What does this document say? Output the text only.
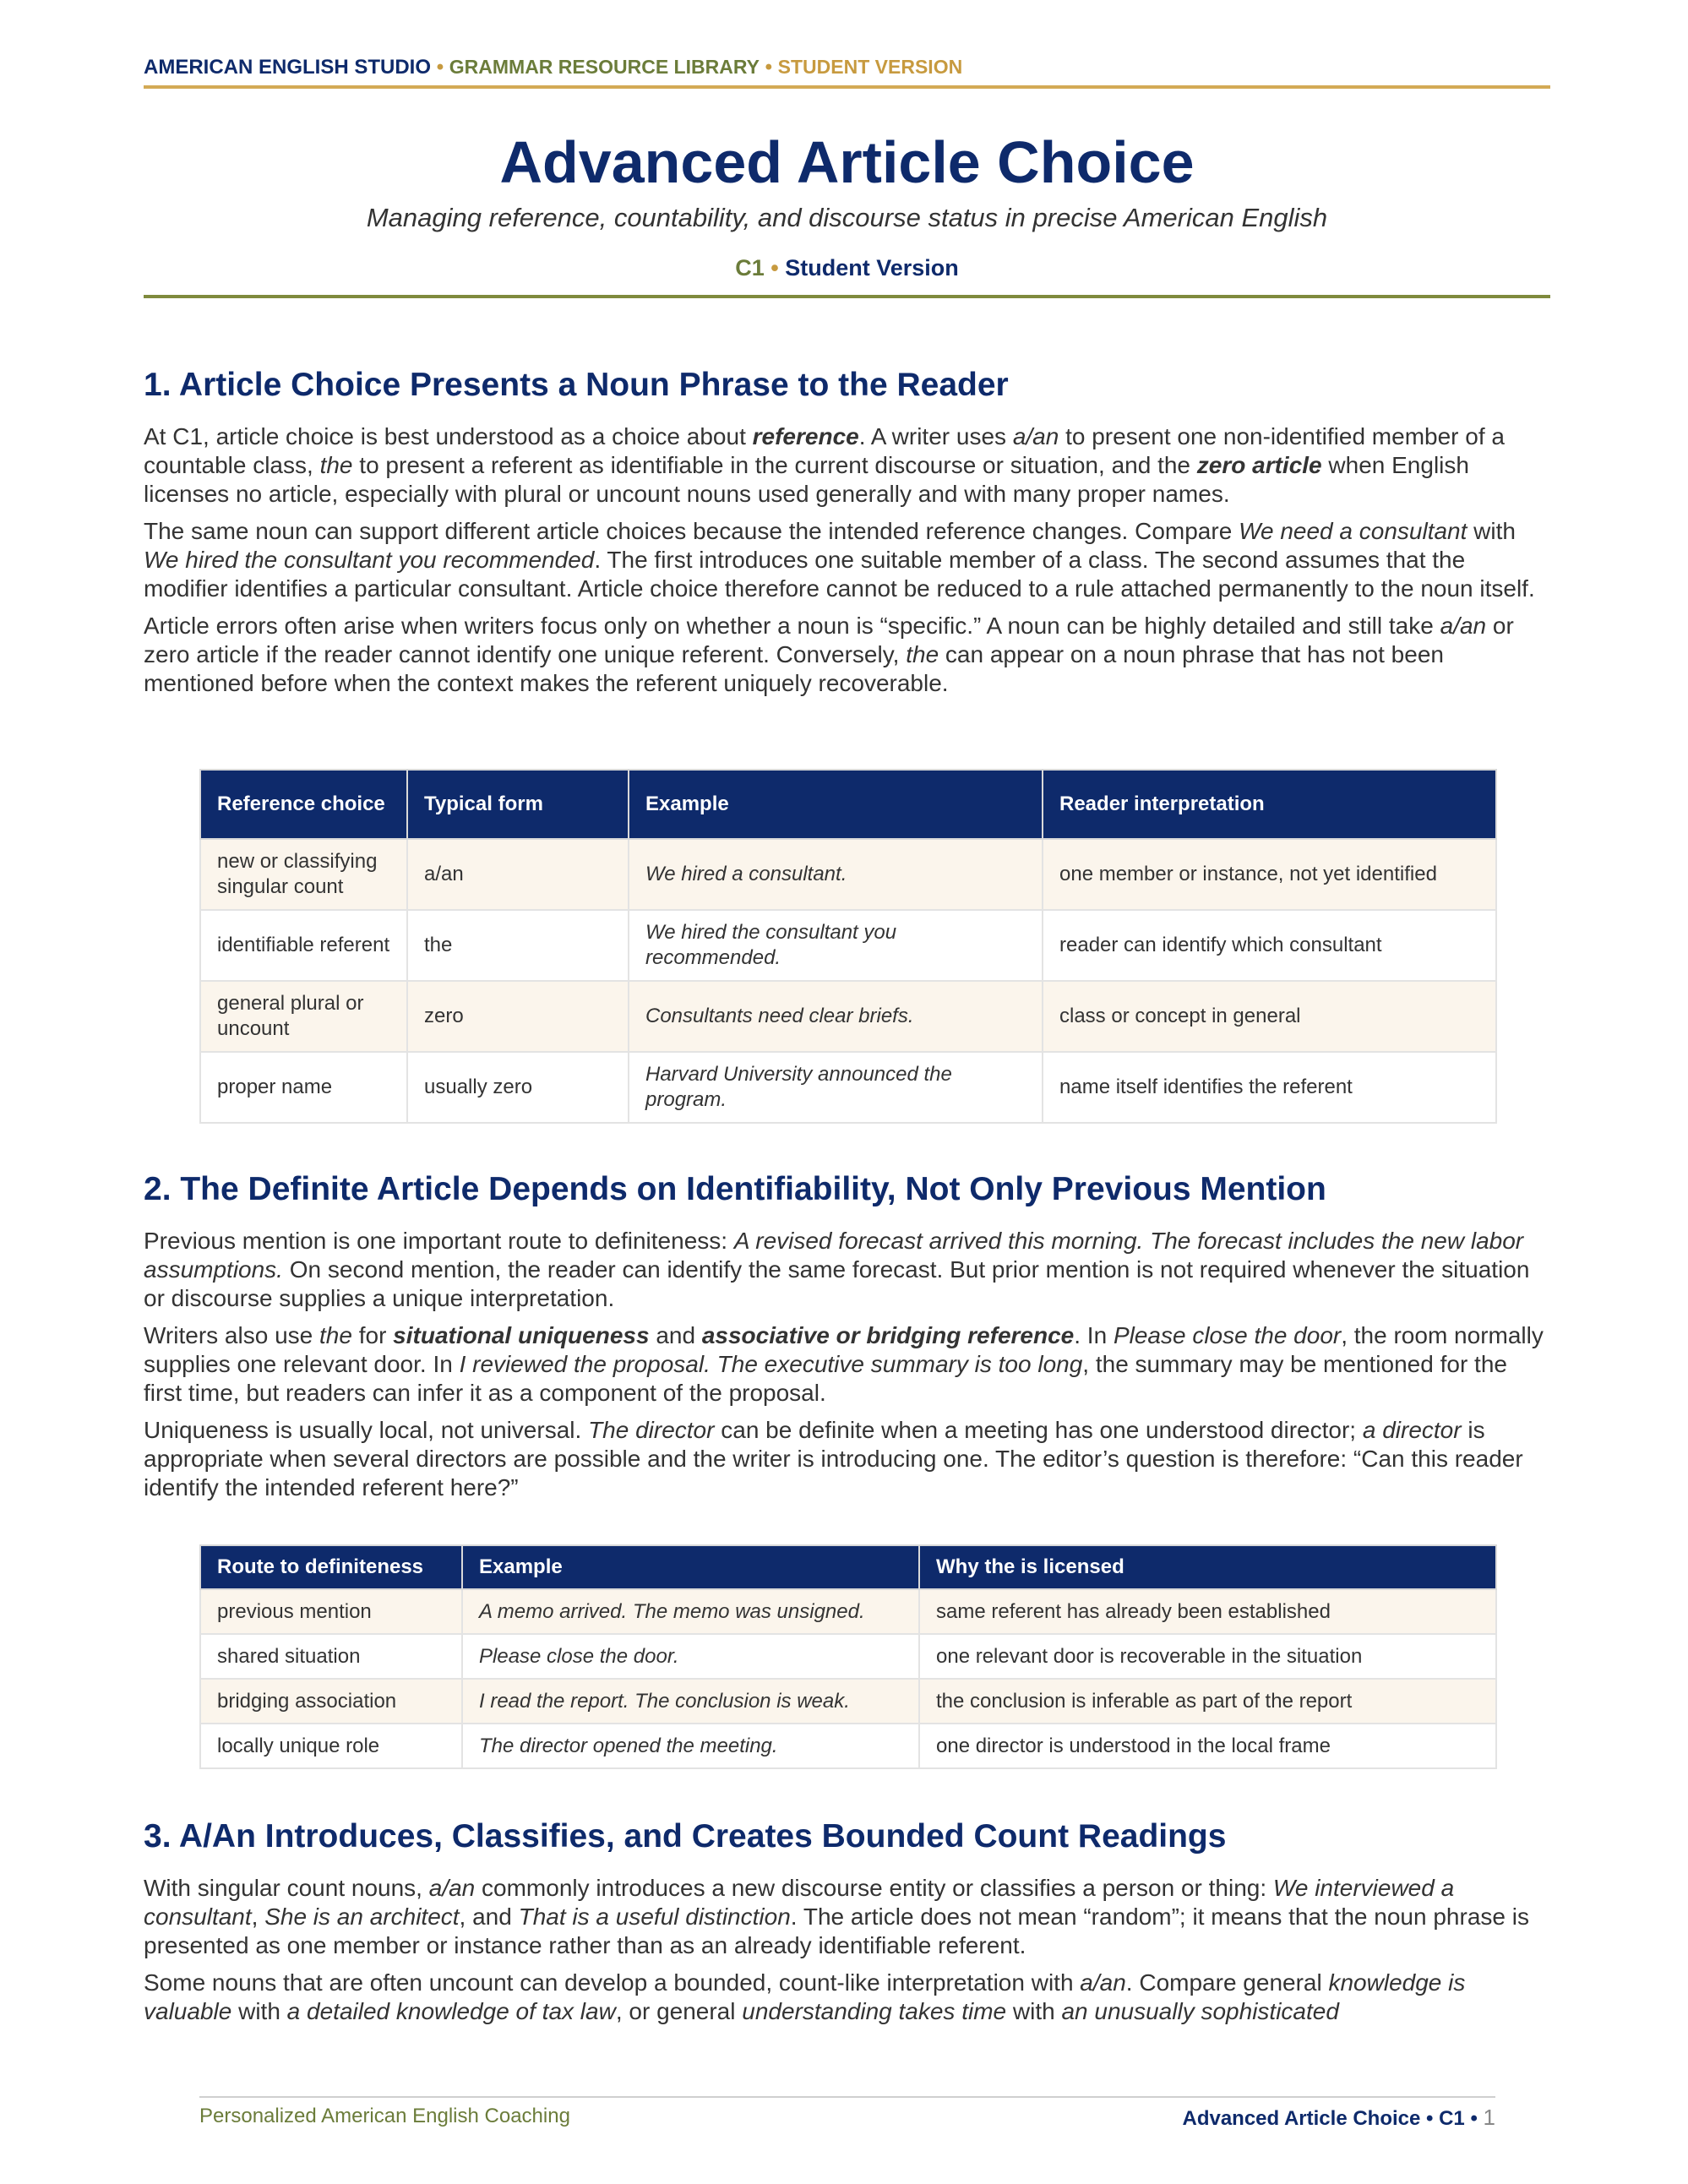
AMERICAN ENGLISH STUDIO • GRAMMAR RESOURCE LIBRARY • STUDENT VERSION
Advanced Article Choice
Managing reference, countability, and discourse status in precise American English
C1 • Student Version
1. Article Choice Presents a Noun Phrase to the Reader

At C1, article choice is best understood as a choice about reference. A writer uses a/an to present one non-identified member of a countable class, the to present a referent as identifiable in the current discourse or situation, and the zero article when English licenses no article, especially with plural or uncount nouns used generally and with many proper names.

The same noun can support different article choices because the intended reference changes. Compare We need a consultant with We hired the consultant you recommended. The first introduces one suitable member of a class. The second assumes that the modifier identifies a particular consultant. Article choice therefore cannot be reduced to a rule attached permanently to the noun itself.

Article errors often arise when writers focus only on whether a noun is “specific.” A noun can be highly detailed and still take a/an or zero article if the reader cannot identify one unique referent. Conversely, the can appear on a noun phrase that has not been mentioned before when the context makes the referent uniquely recoverable.

Reference choice	Typical form	Example	Reader interpretation
new or classifying singular count	a/an	We hired a consultant.	one member or instance, not yet identified
identifiable referent	the	We hired the consultant you recommended.	reader can identify which consultant
general plural or uncount	zero	Consultants need clear briefs.	class or concept in general
proper name	usually zero	Harvard University announced the program.	name itself identifies the referent
2. The Definite Article Depends on Identifiability, Not Only Previous Mention

Previous mention is one important route to definiteness: A revised forecast arrived this morning. The forecast includes the new labor assumptions. On second mention, the reader can identify the same forecast. But prior mention is not required whenever the situation or discourse supplies a unique interpretation.

Writers also use the for situational uniqueness and associative or bridging reference. In Please close the door, the room normally supplies one relevant door. In I reviewed the proposal. The executive summary is too long, the summary may be mentioned for the first time, but readers can infer it as a component of the proposal.

Uniqueness is usually local, not universal. The director can be definite when a meeting has one understood director; a director is appropriate when several directors are possible and the writer is introducing one. The editor’s question is therefore: “Can this reader identify the intended referent here?”

Route to definiteness	Example	Why the is licensed
previous mention	A memo arrived. The memo was unsigned.	same referent has already been established
shared situation	Please close the door.	one relevant door is recoverable in the situation
bridging association	I read the report. The conclusion is weak.	the conclusion is inferable as part of the report
locally unique role	The director opened the meeting.	one director is understood in the local frame
3. A/An Introduces, Classifies, and Creates Bounded Count Readings

With singular count nouns, a/an commonly introduces a new discourse entity or classifies a person or thing: We interviewed a consultant, She is an architect, and That is a useful distinction. The article does not mean “random”; it means that the noun phrase is presented as one member or instance rather than as an already identifiable referent.

Some nouns that are often uncount can develop a bounded, count-like interpretation with a/an. Compare general knowledge is valuable with a detailed knowledge of tax law, or general understanding takes time with an unusually sophisticated

Personalized American English Coaching	Advanced Article Choice • C1 • 1
